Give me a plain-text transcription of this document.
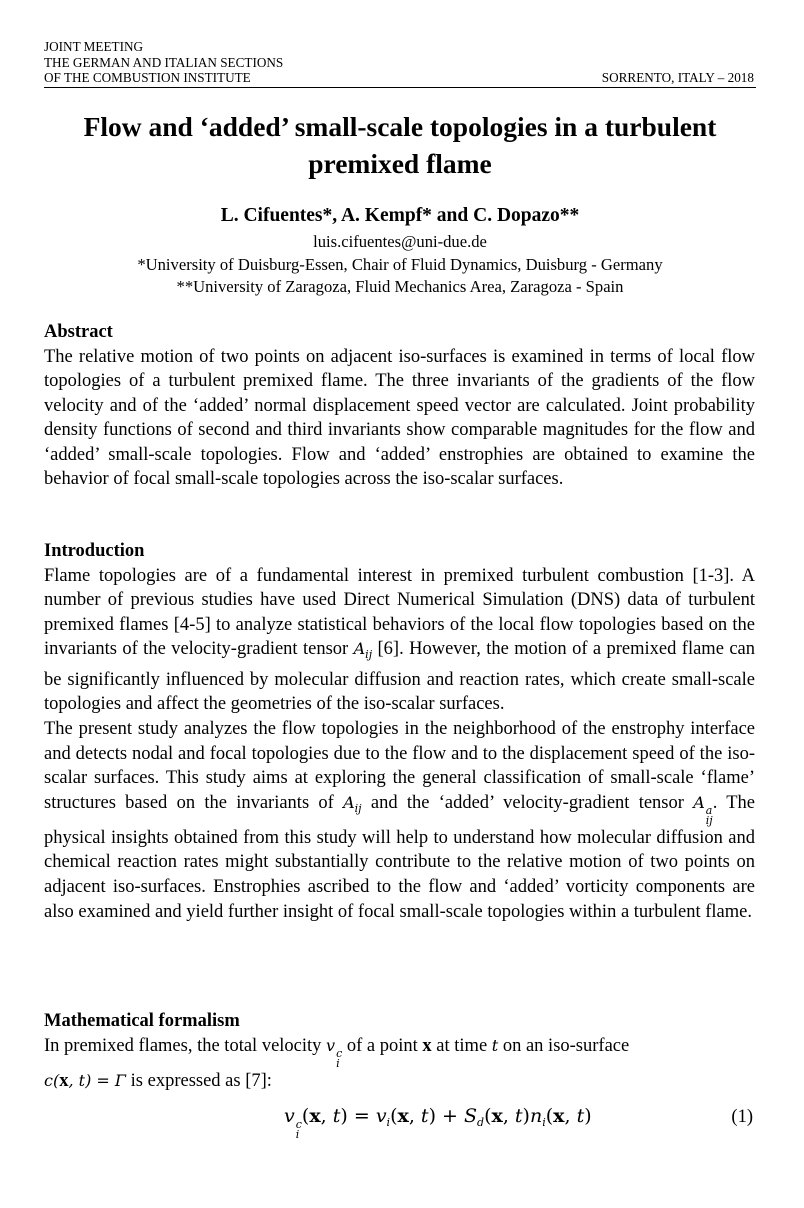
JOINT MEETING
THE GERMAN AND ITALIAN SECTIONS
OF THE COMBUSTION INSTITUTE	SORRENTO, ITALY – 2018
Flow and ‘added’ small-scale topologies in a turbulent premixed flame
L. Cifuentes*, A. Kempf* and C. Dopazo**
luis.cifuentes@uni-due.de
*University of Duisburg-Essen, Chair of Fluid Dynamics, Duisburg - Germany
**University of Zaragoza, Fluid Mechanics Area, Zaragoza - Spain
Abstract

The relative motion of two points on adjacent iso-surfaces is examined in terms of local flow topologies of a turbulent premixed flame. The three invariants of the gradients of the flow velocity and of the ‘added’ normal displacement speed vector are calculated. Joint probability density functions of second and third invariants show comparable magnitudes for the flow and ‘added’ small-scale topologies. Flow and ‘added’ enstrophies are obtained to examine the behavior of focal small-scale topologies across the iso-scalar surfaces.

Introduction

Flame topologies are of a fundamental interest in premixed turbulent combustion [1-3]. A number of previous studies have used Direct Numerical Simulation (DNS) data of turbulent premixed flames [4-5] to analyze statistical behaviors of the local flow topologies based on the invariants of the velocity-gradient tensor $A_{ij}$ [6]. However, the motion of a premixed flame can be significantly influenced by molecular diffusion and reaction rates, which create small-scale topologies and affect the geometries of the iso-scalar surfaces.

The present study analyzes the flow topologies in the neighborhood of the enstrophy interface and detects nodal and focal topologies due to the flow and to the displacement speed of the iso-scalar surfaces. This study aims at exploring the general classification of small-scale ‘flame’ structures based on the invariants of $A_{ij}$ and the ‘added’ velocity-gradient tensor A a
ij
. The physical insights obtained from this study will help to understand how molecular diffusion and chemical reaction rates might substantially contribute to the relative motion of two points on adjacent iso-surfaces. Enstrophies ascribed to the flow and ‘added’ vorticity components are also examined and yield further insight of focal small-scale topologies within a turbulent flame.

Mathematical formalism

In premixed flames, the total velocity v c
i
of a point x at time t on an iso-surface
c(x, t) = Γ is expressed as [7]:

v c
i
(x, $t) = v_i(x$, $t) + S_d(x$, $t)n_i(x$, t)	(1)
